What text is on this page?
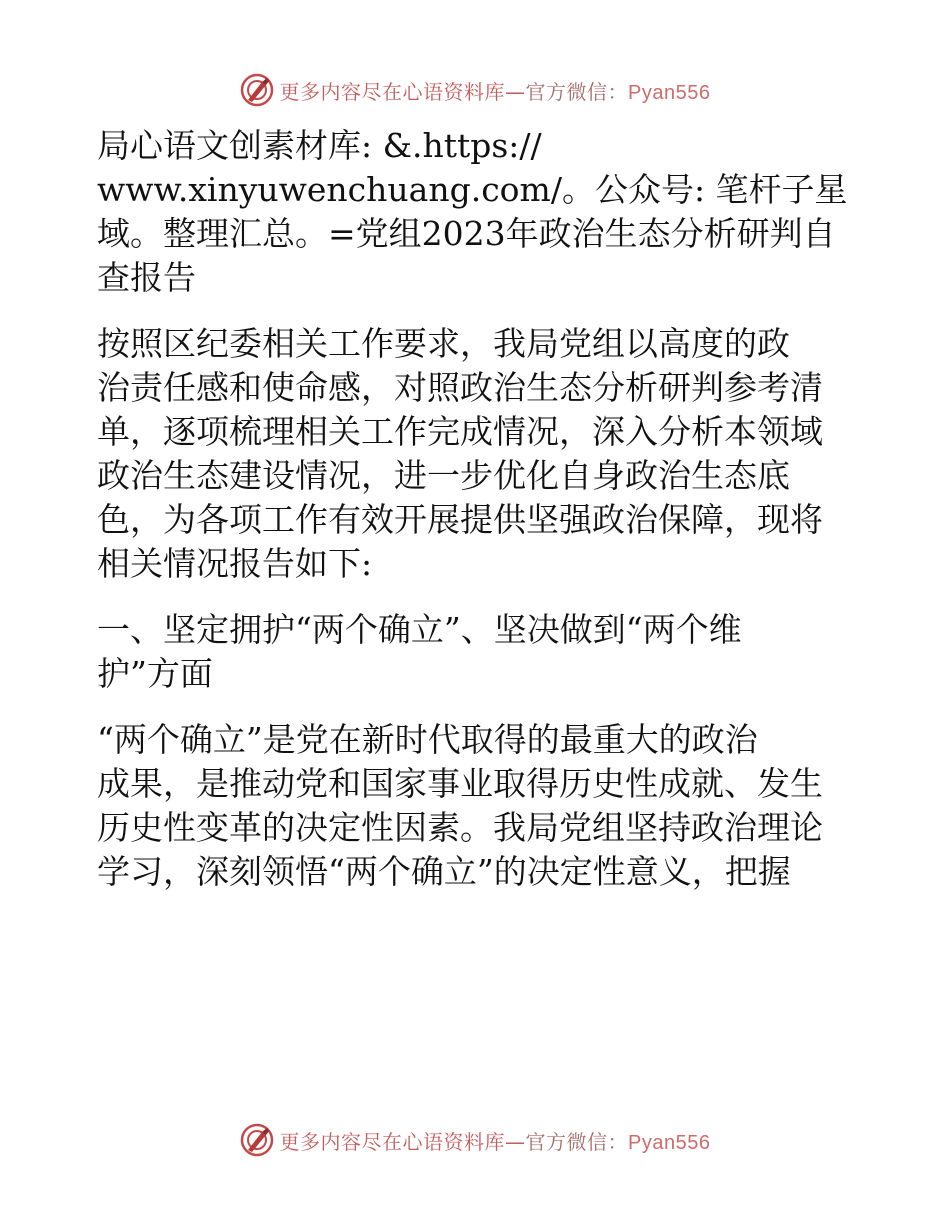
更多内容尽在心语资料库—官方微信：Pyan556
局心语文创素材库: &.https://
www.xinyuwenchuang.com/。公众号: 笔杆子星
域。整理汇总。=党组2023年政治生态分析研判自
查报告
按照区纪委相关工作要求，我局党组以高度的政
治责任感和使命感，对照政治生态分析研判参考清
单，逐项梳理相关工作完成情况，深入分析本领域
政治生态建设情况，进一步优化自身政治生态底
色，为各项工作有效开展提供坚强政治保障，现将
相关情况报告如下:
一、坚定拥护“两个确立”、坚决做到“两个维
护”方面
“两个确立”是党在新时代取得的最重大的政治
成果，是推动党和国家事业取得历史性成就、发生
历史性变革的决定性因素。我局党组坚持政治理论
学习，深刻领悟“两个确立”的决定性意义，把握
更多内容尽在心语资料库—官方微信：Pyan556
